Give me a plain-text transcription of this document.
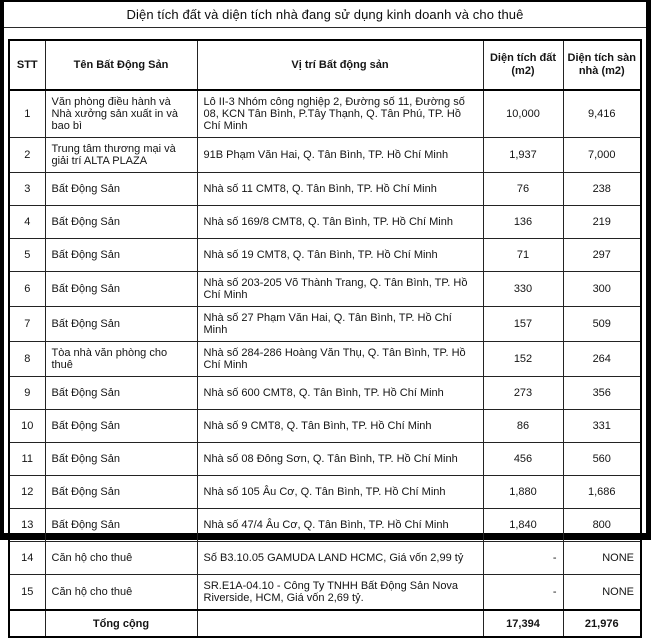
Diện tích đất và diện tích nhà đang sử dụng kinh doanh và cho thuê
STT	Tên Bất Động Sản	Vị trí Bất động sản	Diện tích đất (m2)	Diện tích sàn nhà (m2)
1	Văn phòng điều hành và Nhà xưởng sản xuất in và bao bì	Lô II-3 Nhóm công nghiệp 2, Đường số 11, Đường số 08, KCN Tân Bình, P.Tây Thạnh, Q. Tân Phú, TP. Hồ Chí Minh	10,000	9,416
2	Trung tâm thương mại và giải trí ALTA PLAZA	91B Phạm Văn Hai, Q. Tân Bình, TP. Hồ Chí Minh	1,937	7,000
3	Bất Động Sản	Nhà số 11 CMT8, Q. Tân Bình, TP. Hồ Chí Minh	76	238
4	Bất Động Sản	Nhà số 169/8 CMT8, Q. Tân Bình, TP. Hồ Chí Minh	136	219
5	Bất Động Sản	Nhà số 19 CMT8, Q. Tân Bình, TP. Hồ Chí Minh	71	297
6	Bất Động Sản	Nhà số 203-205 Võ Thành Trang, Q. Tân Bình, TP. Hồ Chí Minh	330	300
7	Bất Động Sản	Nhà số 27 Phạm Văn Hai, Q. Tân Bình, TP. Hồ Chí Minh	157	509
8	Tòa nhà văn phòng cho thuê	Nhà số 284-286 Hoàng Văn Thụ, Q. Tân Bình, TP. Hồ Chí Minh	152	264
9	Bất Động Sản	Nhà số 600 CMT8, Q. Tân Bình, TP. Hồ Chí Minh	273	356
10	Bất Động Sản	Nhà số 9 CMT8, Q. Tân Bình, TP. Hồ Chí Minh	86	331
11	Bất Động Sản	Nhà số 08 Đông Sơn, Q. Tân Bình, TP. Hồ Chí Minh	456	560
12	Bất Động Sản	Nhà số 105 Âu Cơ, Q. Tân Bình, TP. Hồ Chí Minh	1,880	1,686
13	Bất Động Sản	Nhà số 47/4 Âu Cơ, Q. Tân Bình, TP. Hồ Chí Minh	1,840	800
14	Căn hộ cho thuê	Số B3.10.05 GAMUDA LAND HCMC, Giá vốn 2,99 tỷ	-	NONE
15	Căn hộ cho thuê	SR.E1A-04.10 - Công Ty TNHH Bất Động Sản Nova Riverside, HCM, Giá vốn 2,69 tỷ.	-	NONE
	Tổng cộng		17,394	21,976
